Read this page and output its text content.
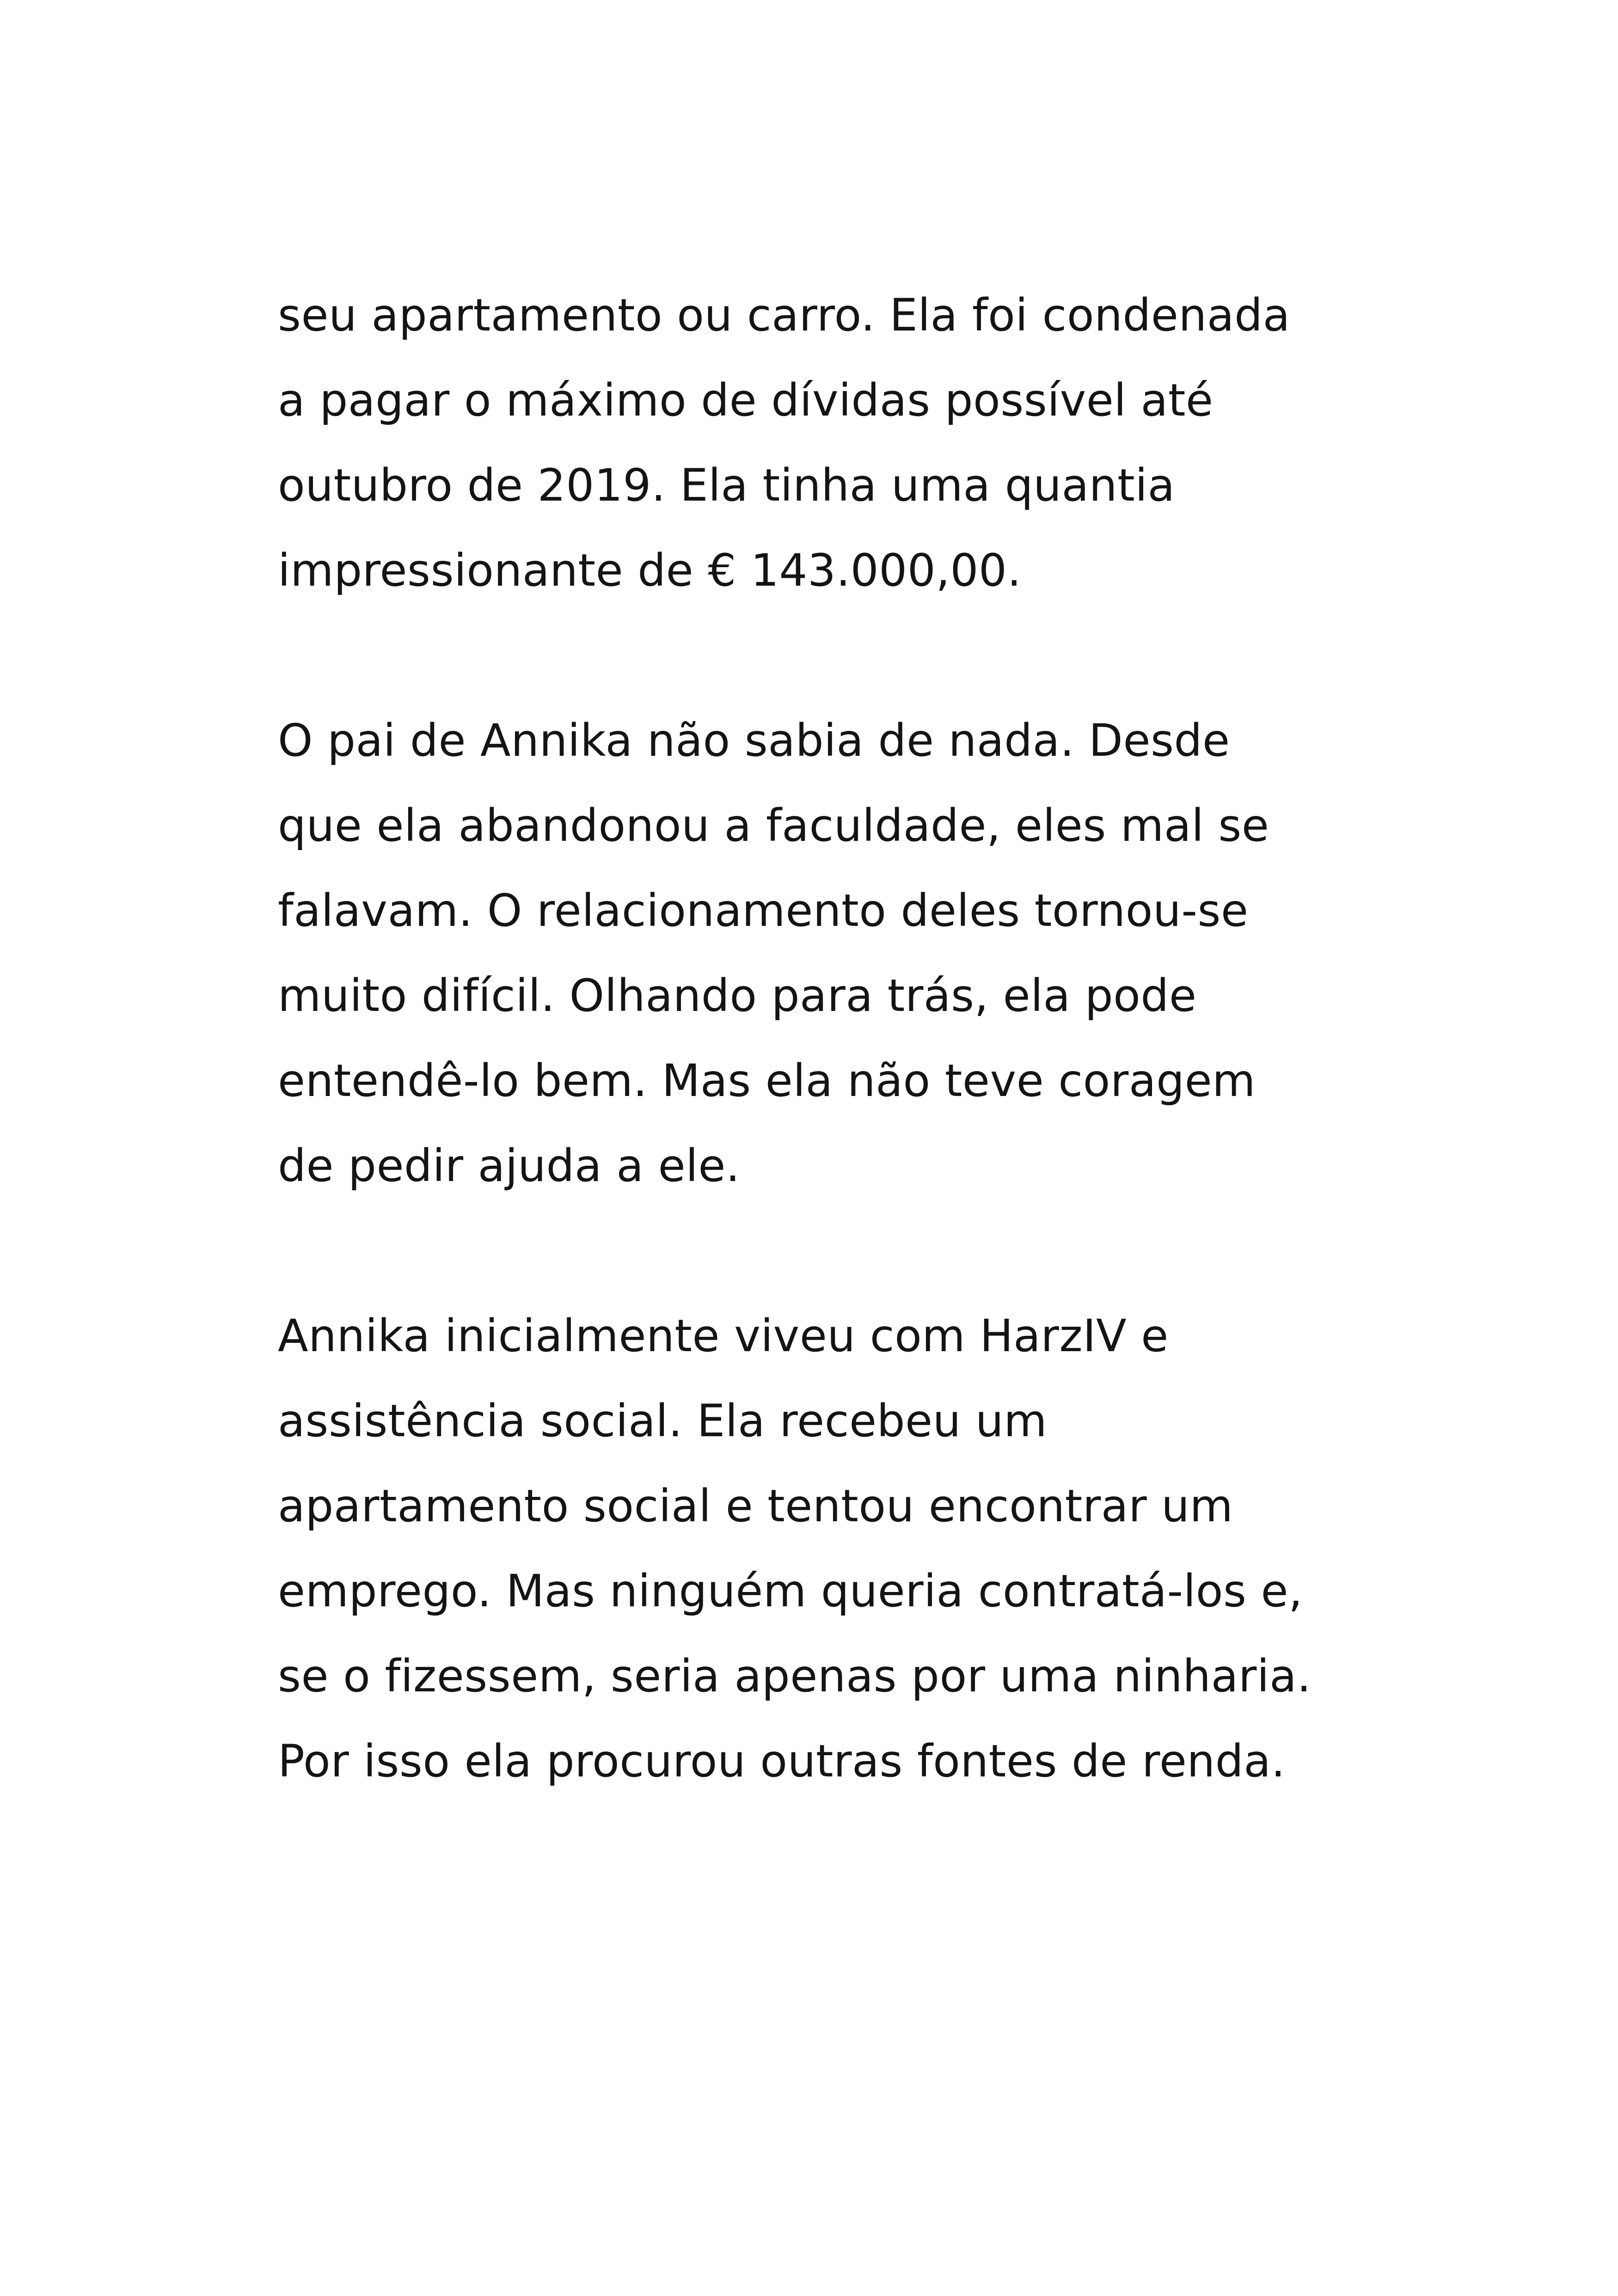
seu apartamento ou carro. Ela foi condenada
a pagar o máximo de dívidas possível até
outubro de 2019. Ela tinha uma quantia
impressionante de € 143.000,00.
O pai de Annika não sabia de nada. Desde
que ela abandonou a faculdade, eles mal se
falavam. O relacionamento deles tornou-se
muito difícil. Olhando para trás, ela pode
entendê-lo bem. Mas ela não teve coragem
de pedir ajuda a ele.
Annika inicialmente viveu com HarzIV e
assistência social. Ela recebeu um
apartamento social e tentou encontrar um
emprego. Mas ninguém queria contratá-los e,
se o fizessem, seria apenas por uma ninharia.
Por isso ela procurou outras fontes de renda.
